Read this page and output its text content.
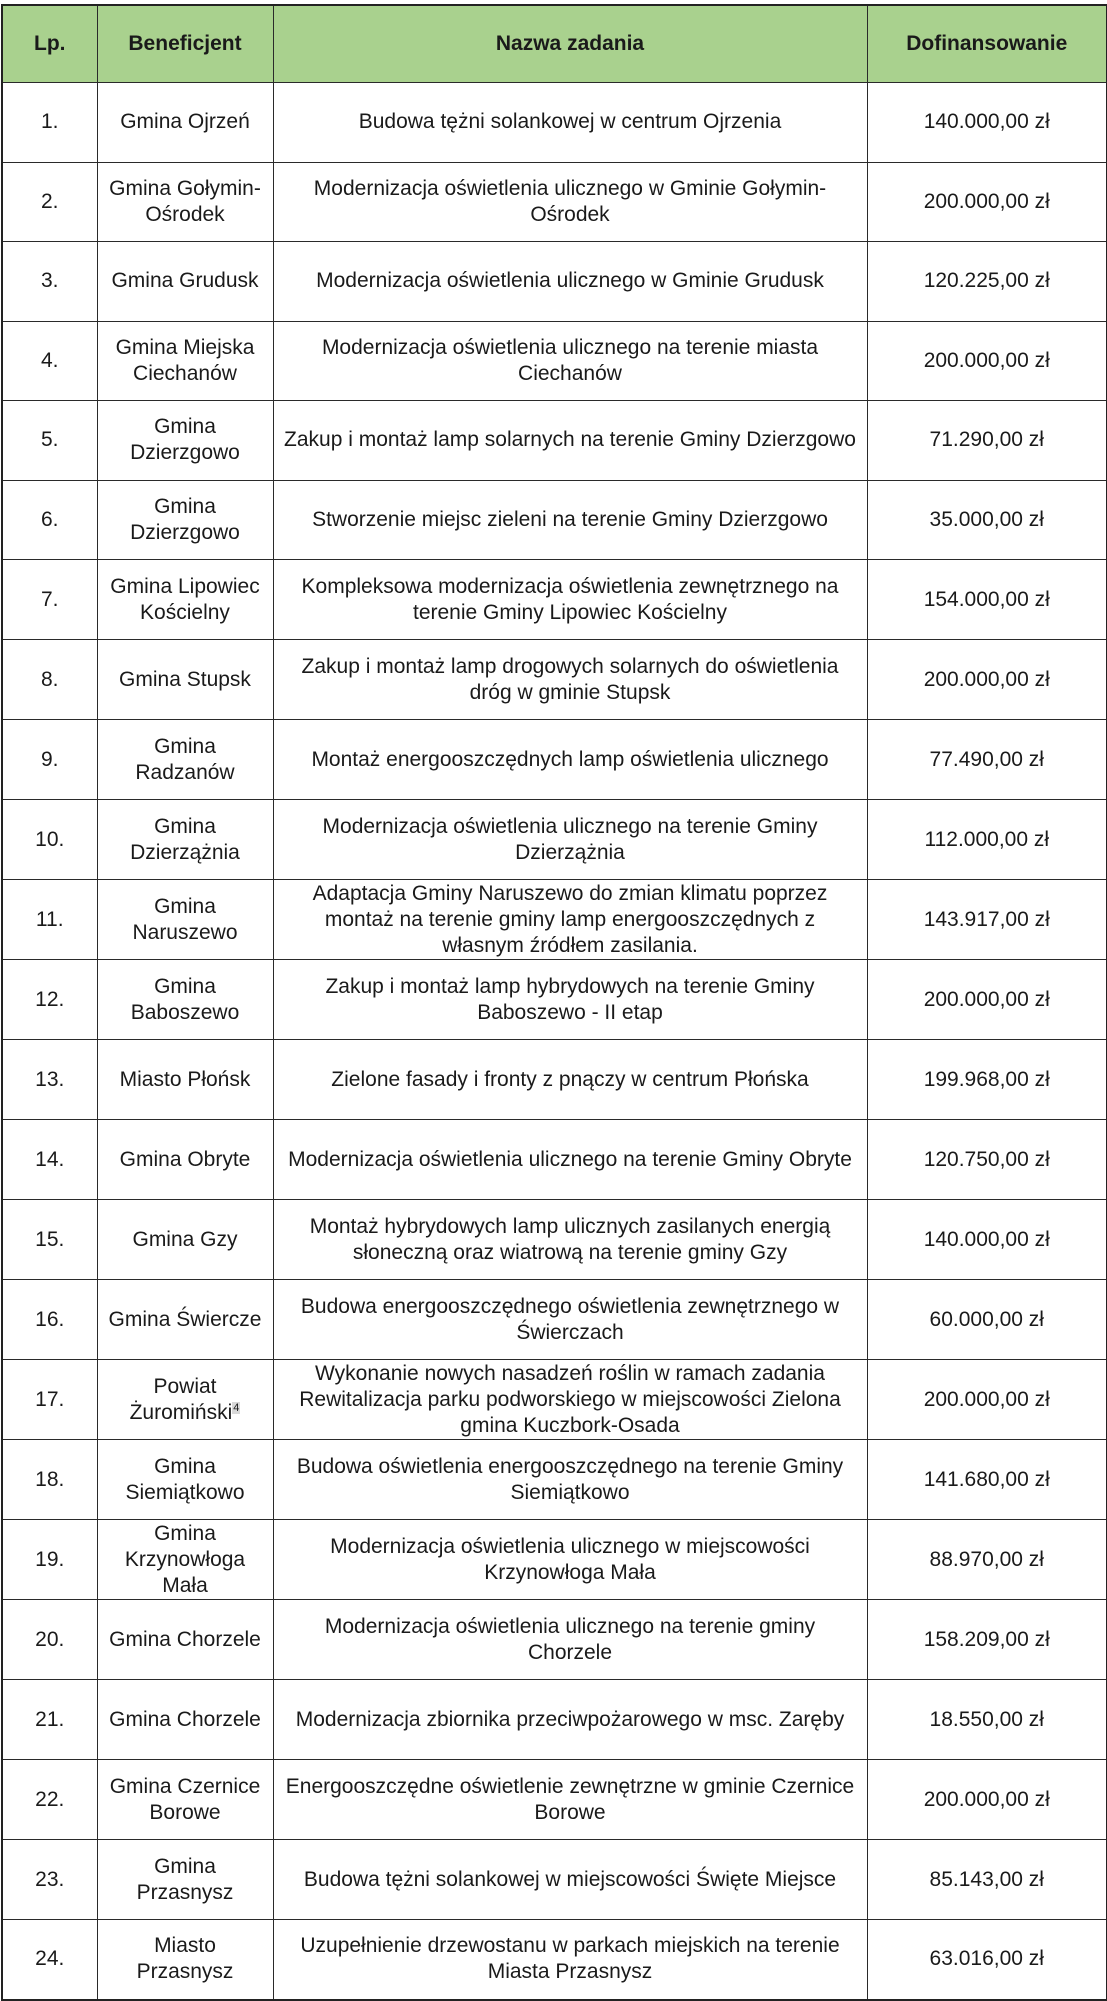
Lp.	Beneficjent	Nazwa zadania	Dofinansowanie
1.	Gmina Ojrzeń	Budowa tężni solankowej w centrum Ojrzenia	140.000,00 zł
2.	Gmina Gołymin-Ośrodek	Modernizacja oświetlenia ulicznego w Gminie Gołymin-Ośrodek	200.000,00 zł
3.	Gmina Grudusk	Modernizacja oświetlenia ulicznego w Gminie Grudusk	120.225,00 zł
4.	Gmina Miejska Ciechanów	Modernizacja oświetlenia ulicznego na terenie miasta Ciechanów	200.000,00 zł
5.	Gmina Dzierzgowo	Zakup i montaż lamp solarnych na terenie Gminy Dzierzgowo	71.290,00 zł
6.	Gmina Dzierzgowo	Stworzenie miejsc zieleni na terenie Gminy Dzierzgowo	35.000,00 zł
7.	Gmina Lipowiec Kościelny	Kompleksowa modernizacja oświetlenia zewnętrznego na terenie Gminy Lipowiec Kościelny	154.000,00 zł
8.	Gmina Stupsk	Zakup i montaż lamp drogowych solarnych do oświetlenia dróg w gminie Stupsk	200.000,00 zł
9.	Gmina Radzanów	Montaż energooszczędnych lamp oświetlenia ulicznego	77.490,00 zł
10.	Gmina Dzierzążnia	Modernizacja oświetlenia ulicznego na terenie Gminy Dzierzążnia	112.000,00 zł
11.	Gmina Naruszewo	Adaptacja Gminy Naruszewo do zmian klimatu poprzez montaż na terenie gminy lamp energooszczędnych z własnym źródłem zasilania.	143.917,00 zł
12.	Gmina Baboszewo	Zakup i montaż lamp hybrydowych na terenie Gminy Baboszewo - II etap	200.000,00 zł
13.	Miasto Płońsk	Zielone fasady i fronty z pnączy w centrum Płońska	199.968,00 zł
14.	Gmina Obryte	Modernizacja oświetlenia ulicznego na terenie Gminy Obryte	120.750,00 zł
15.	Gmina Gzy	Montaż hybrydowych lamp ulicznych zasilanych energią słoneczną oraz wiatrową na terenie gminy Gzy	140.000,00 zł
16.	Gmina Świercze	Budowa energooszczędnego oświetlenia zewnętrznego w Świerczach	60.000,00 zł
17.	Powiat Żuromiński$^4$	Wykonanie nowych nasadzeń roślin w ramach zadania Rewitalizacja parku podworskiego w miejscowości Zielona gmina Kuczbork-Osada	200.000,00 zł
18.	Gmina Siemiątkowo	Budowa oświetlenia energooszczędnego na terenie Gminy Siemiątkowo	141.680,00 zł
19.	Gmina Krzynowłoga Mała	Modernizacja oświetlenia ulicznego w miejscowości Krzynowłoga Mała	88.970,00 zł
20.	Gmina Chorzele	Modernizacja oświetlenia ulicznego na terenie gminy Chorzele	158.209,00 zł
21.	Gmina Chorzele	Modernizacja zbiornika przeciwpożarowego w msc. Zaręby	18.550,00 zł
22.	Gmina Czernice Borowe	Energooszczędne oświetlenie zewnętrzne w gminie Czernice Borowe	200.000,00 zł
23.	Gmina Przasnysz	Budowa tężni solankowej w miejscowości Święte Miejsce	85.143,00 zł
24.	Miasto Przasnysz	Uzupełnienie drzewostanu w parkach miejskich na terenie Miasta Przasnysz	63.016,00 zł
